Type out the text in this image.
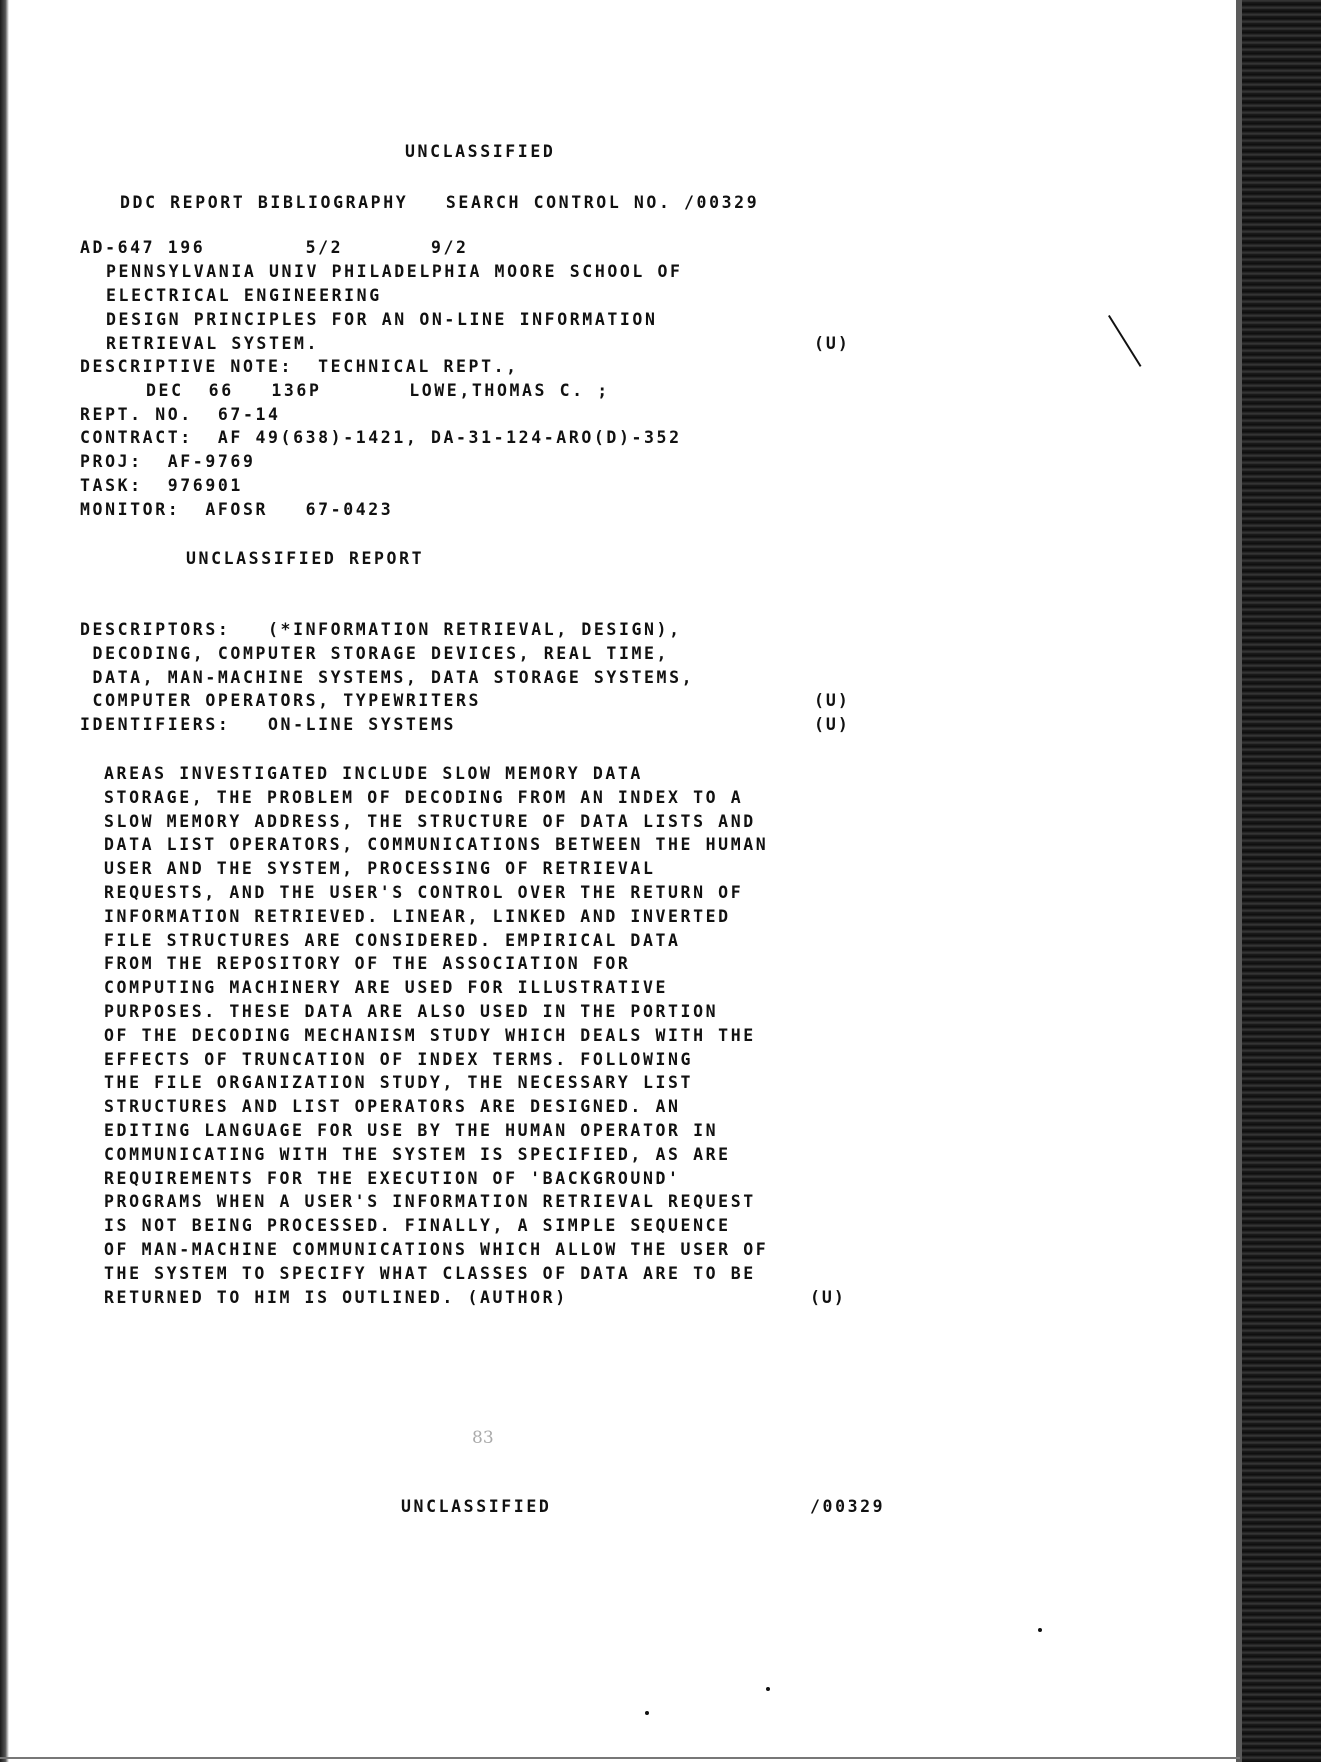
UNCLASSIFIED
DDC REPORT BIBLIOGRAPHY   SEARCH CONTROL NO. /00329
AD-647 196        5/2       9/2
PENNSYLVANIA UNIV PHILADELPHIA MOORE SCHOOL OF
ELECTRICAL ENGINEERING
DESIGN PRINCIPLES FOR AN ON-LINE INFORMATION
RETRIEVAL SYSTEM.	(U)
DESCRIPTIVE NOTE:  TECHNICAL REPT.,
DEC  66   136P       LOWE,THOMAS C. ;
REPT. NO.  67-14
CONTRACT:  AF 49(638)-1421, DA-31-124-ARO(D)-352
PROJ:  AF-9769
TASK:  976901
MONITOR:  AFOSR   67-0423
UNCLASSIFIED REPORT
DESCRIPTORS:   (*INFORMATION RETRIEVAL, DESIGN),
DECODING, COMPUTER STORAGE DEVICES, REAL TIME,
DATA, MAN-MACHINE SYSTEMS, DATA STORAGE SYSTEMS,
COMPUTER OPERATORS, TYPEWRITERS	(U)
IDENTIFIERS:   ON-LINE SYSTEMS	(U)
AREAS INVESTIGATED INCLUDE SLOW MEMORY DATA
STORAGE, THE PROBLEM OF DECODING FROM AN INDEX TO A
SLOW MEMORY ADDRESS, THE STRUCTURE OF DATA LISTS AND
DATA LIST OPERATORS, COMMUNICATIONS BETWEEN THE HUMAN
USER AND THE SYSTEM, PROCESSING OF RETRIEVAL
REQUESTS, AND THE USER'S CONTROL OVER THE RETURN OF
INFORMATION RETRIEVED. LINEAR, LINKED AND INVERTED
FILE STRUCTURES ARE CONSIDERED. EMPIRICAL DATA
FROM THE REPOSITORY OF THE ASSOCIATION FOR
COMPUTING MACHINERY ARE USED FOR ILLUSTRATIVE
PURPOSES. THESE DATA ARE ALSO USED IN THE PORTION
OF THE DECODING MECHANISM STUDY WHICH DEALS WITH THE
EFFECTS OF TRUNCATION OF INDEX TERMS. FOLLOWING
THE FILE ORGANIZATION STUDY, THE NECESSARY LIST
STRUCTURES AND LIST OPERATORS ARE DESIGNED. AN
EDITING LANGUAGE FOR USE BY THE HUMAN OPERATOR IN
COMMUNICATING WITH THE SYSTEM IS SPECIFIED, AS ARE
REQUIREMENTS FOR THE EXECUTION OF 'BACKGROUND'
PROGRAMS WHEN A USER'S INFORMATION RETRIEVAL REQUEST
IS NOT BEING PROCESSED. FINALLY, A SIMPLE SEQUENCE
OF MAN-MACHINE COMMUNICATIONS WHICH ALLOW THE USER OF
THE SYSTEM TO SPECIFY WHAT CLASSES OF DATA ARE TO BE
RETURNED TO HIM IS OUTLINED. (AUTHOR)	(U)
83
UNCLASSIFIED	/00329
